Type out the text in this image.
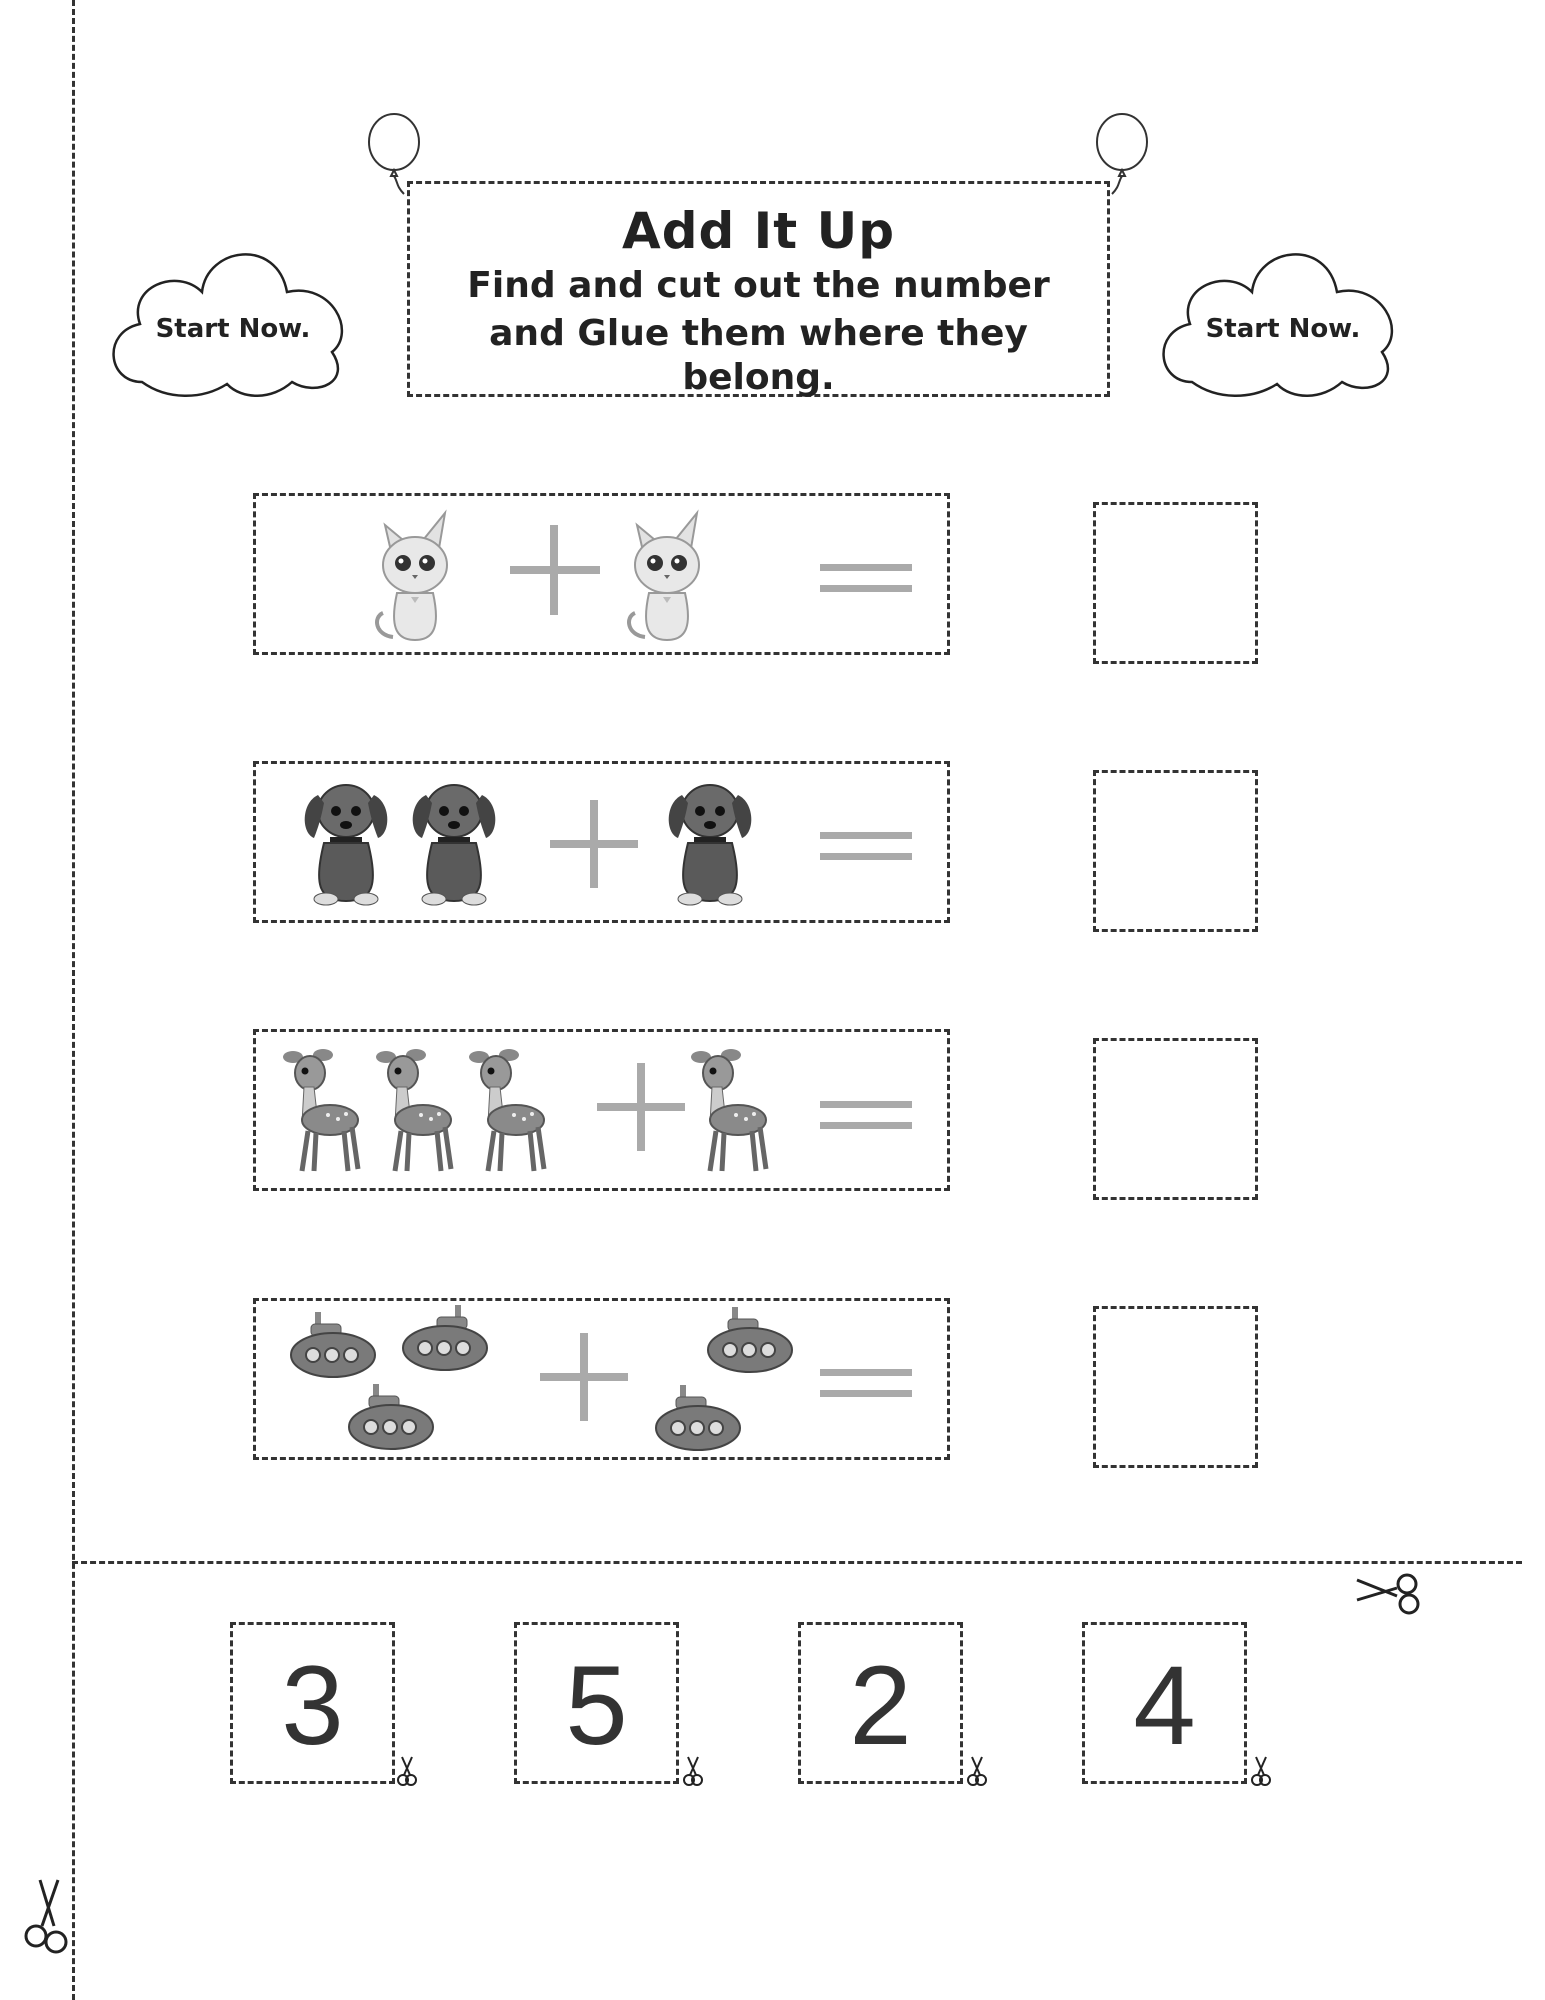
Add It Up
Find and cut out the number
and Glue them where they belong.
Start Now.	Start Now.
3	5	2	4
